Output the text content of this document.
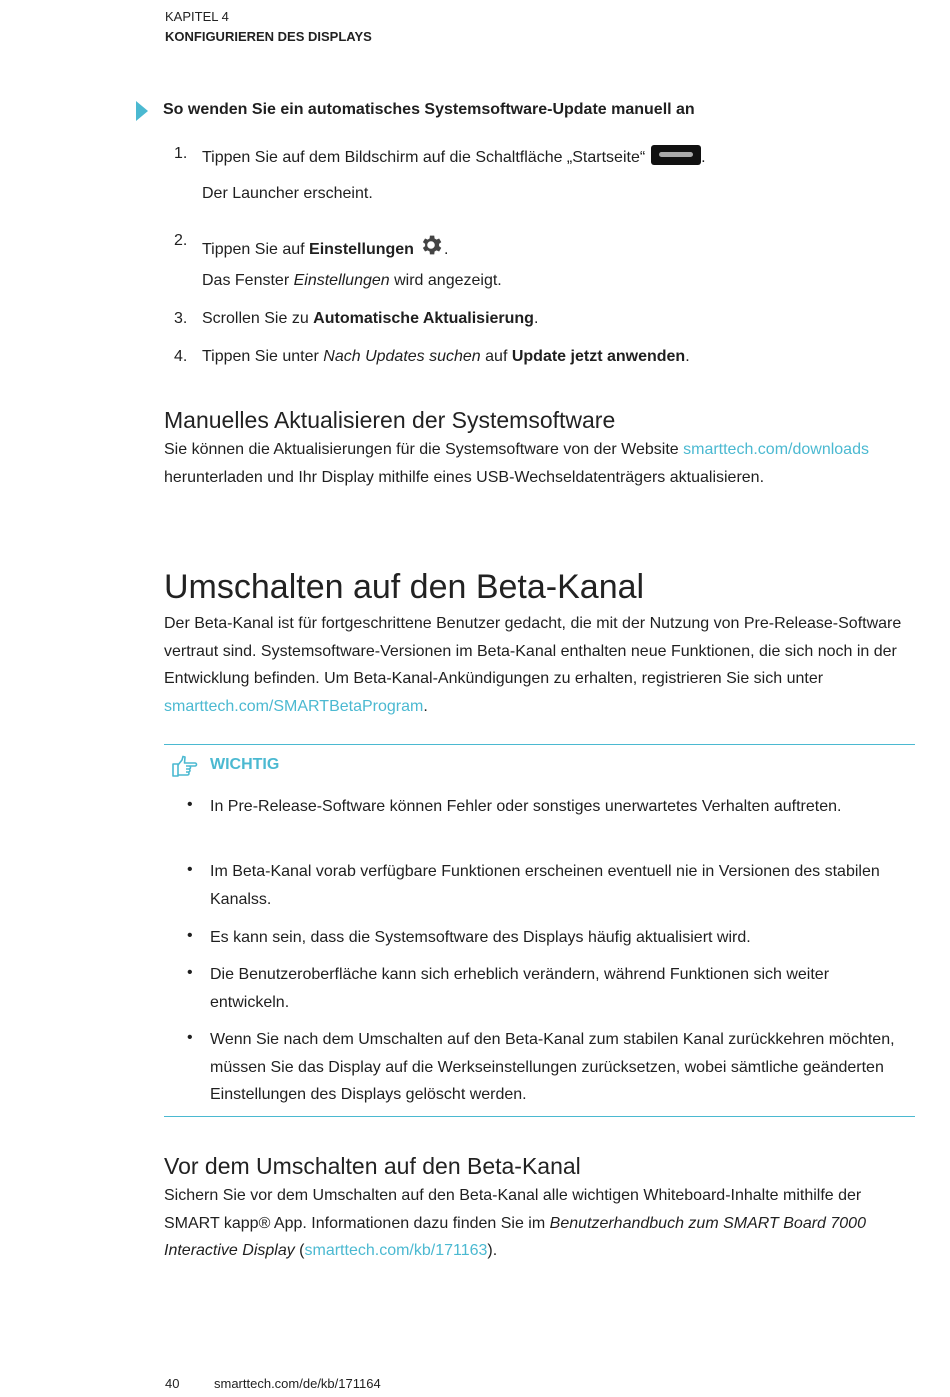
KAPITEL 4
KONFIGURIEREN DES DISPLAYS
So wenden Sie ein automatisches Systemsoftware-Update manuell an
1. Tippen Sie auf dem Bildschirm auf die Schaltfläche „Startseite“	.
Der Launcher erscheint.
2.
Tippen Sie auf Einstellungen .
Das Fenster Einstellungen wird angezeigt.
3. Scrollen Sie zu Automatische Aktualisierung.
4. Tippen Sie unter Nach Updates suchen auf Update jetzt anwenden.
Manuelles Aktualisieren der Systemsoftware
Sie können die Aktualisierungen für die Systemsoftware von der Website smarttech.com/downloads herunterladen und Ihr Display mithilfe eines USB-Wechseldatenträgers aktualisieren.
Umschalten auf den Beta-Kanal
Der Beta-Kanal ist für fortgeschrittene Benutzer gedacht, die mit der Nutzung von Pre-Release-Software vertraut sind. Systemsoftware-Versionen im Beta-Kanal enthalten neue Funktionen, die sich noch in der Entwicklung befinden. Um Beta-Kanal-Ankündigungen zu erhalten, registrieren Sie sich unter smarttech.com/SMARTBetaProgram.
WICHTIG
• In Pre-Release-Software können Fehler oder sonstiges unerwartetes Verhalten auftreten.
• Im Beta-Kanal vorab verfügbare Funktionen erscheinen eventuell nie in Versionen des stabilen Kanalss.
• Es kann sein, dass die Systemsoftware des Displays häufig aktualisiert wird.
• Die Benutzeroberfläche kann sich erheblich verändern, während Funktionen sich weiter entwickeln.
• Wenn Sie nach dem Umschalten auf den Beta-Kanal zum stabilen Kanal zurückkehren möchten, müssen Sie das Display auf die Werkseinstellungen zurücksetzen, wobei sämtliche geänderten Einstellungen des Displays gelöscht werden.
Vor dem Umschalten auf den Beta-Kanal
Sichern Sie vor dem Umschalten auf den Beta-Kanal alle wichtigen Whiteboard-Inhalte mithilfe der SMART kapp® App. Informationen dazu finden Sie im Benutzerhandbuch zum SMART Board 7000 Interactive Display (smarttech.com/kb/171163).
40	smarttech.com/de/kb/171164
